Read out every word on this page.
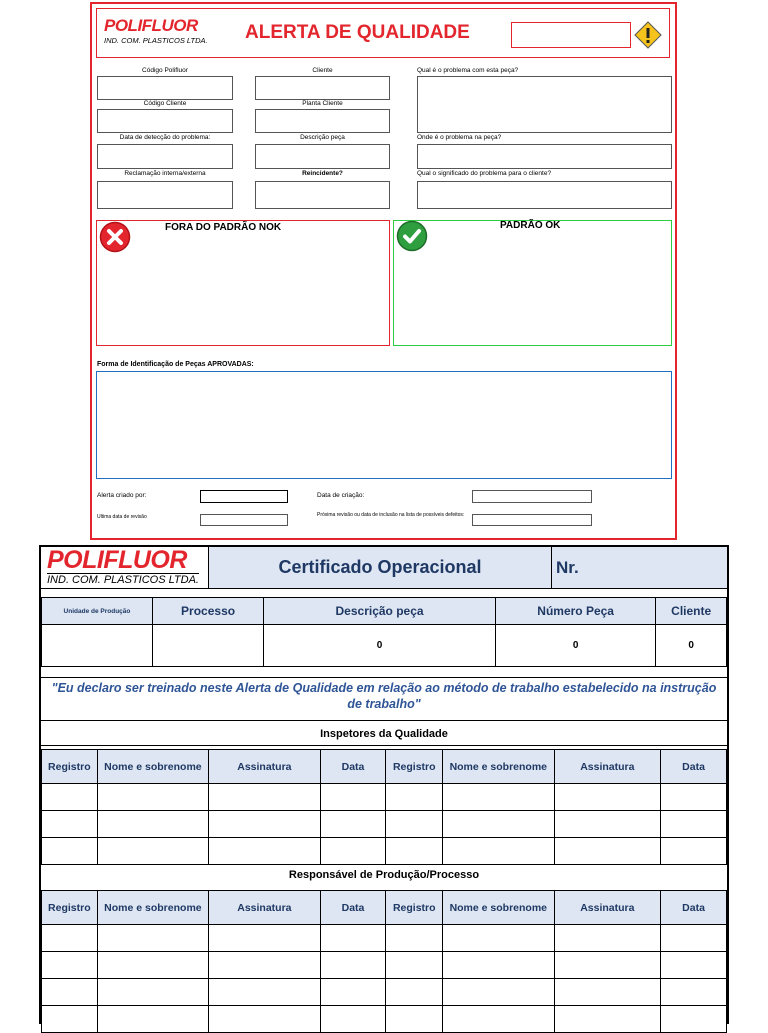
POLIFLUOR
IND. COM. PLASTICOS LTDA. ALERTA DE QUALIDADE
Código Polifluor	Cliente	Qual é o problema com esta peça?
Código Cliente	Planta Cliente
Data de detecção do problema:	Descrição peça	Onde é o problema na peça?
Reclamação interna/externa	Reincidente?	Qual o significado do problema para o cliente?
FORA DO PADRÃO NOK	PADRÃO OK
Forma de Identificação de Peças APROVADAS:
Alerta criado por:	Data de criação:
Ultima data de revisão	Próxima revisão ou data de inclusão na lista de possíveis defeitos:
POLIFLUOR
IND. COM. PLASTICOS LTDA.
Certificado Operacional	Nr.
Unidade de Produção	Processo	Descrição peça	Número Peça	Cliente
		0	0	0
"Eu declaro ser treinado neste Alerta de Qualidade em relação ao método de trabalho estabelecido na instrução de trabalho"
Inspetores da Qualidade
Registro	Nome e sobrenome	Assinatura	Data	Registro	Nome e sobrenome	Assinatura	Data

Responsável de Produção/Processo
Registro	Nome e sobrenome	Assinatura	Data	Registro	Nome e sobrenome	Assinatura	Data
